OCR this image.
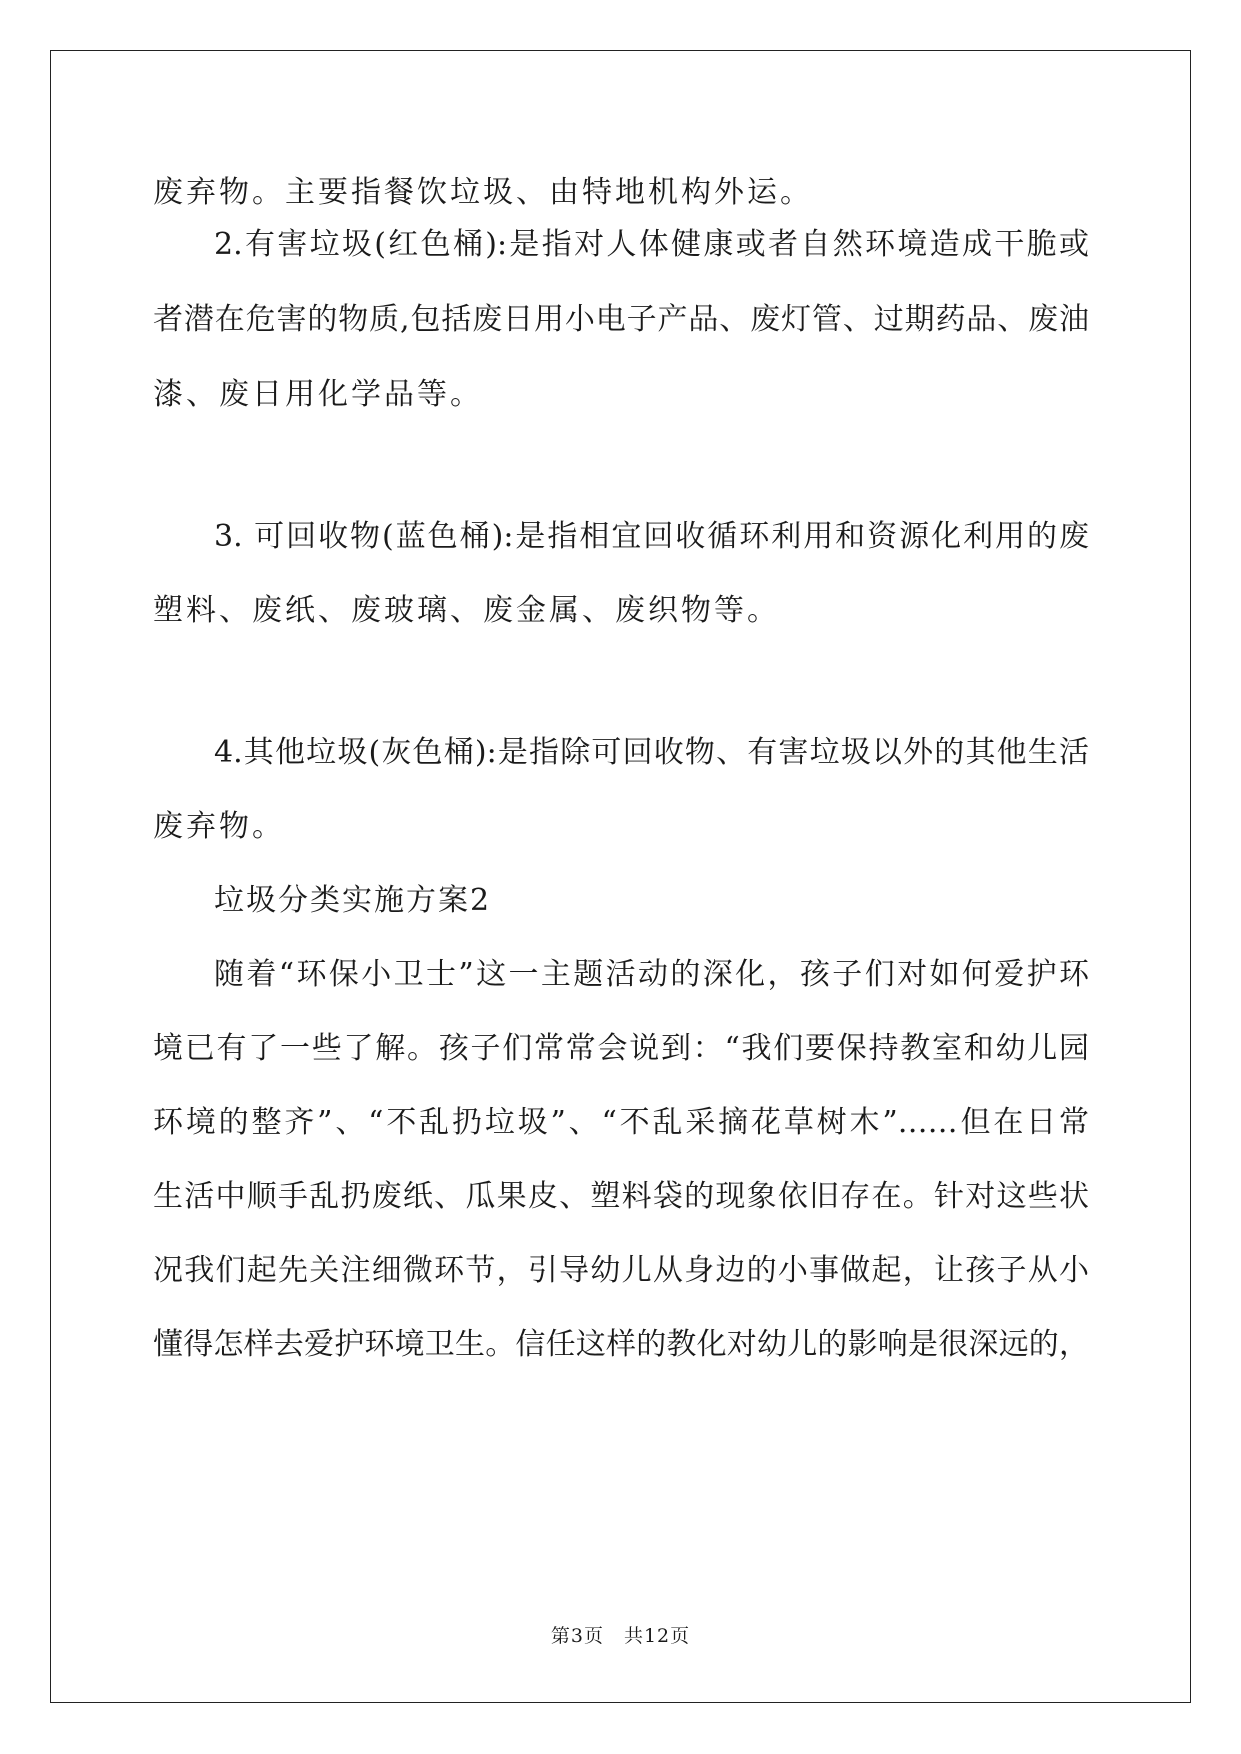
废弃物。主要指餐饮垃圾、由特地机构外运。
2.有害垃圾(红色桶):是指对人体健康或者自然环境造成干脆或
者潜在危害的物质,包括废日用小电子产品、废灯管、过期药品、废油
漆、废日用化学品等。
3. 可回收物(蓝色桶):是指相宜回收循环利用和资源化利用的废
塑料、废纸、废玻璃、废金属、废织物等。
4.其他垃圾(灰色桶):是指除可回收物、有害垃圾以外的其他生活
废弃物。
垃圾分类实施方案2
随着“环保小卫士”这一主题活动的深化，孩子们对如何爱护环
境已有了一些了解。孩子们常常会说到：“我们要保持教室和幼儿园
环境的整齐”、“不乱扔垃圾”、“不乱采摘花草树木”……但在日常
生活中顺手乱扔废纸、瓜果皮、塑料袋的现象依旧存在。针对这些状
况我们起先关注细微环节，引导幼儿从身边的小事做起，让孩子从小
懂得怎样去爱护环境卫生。信任这样的教化对幼儿的影响是很深远的，
第3页　共12页
